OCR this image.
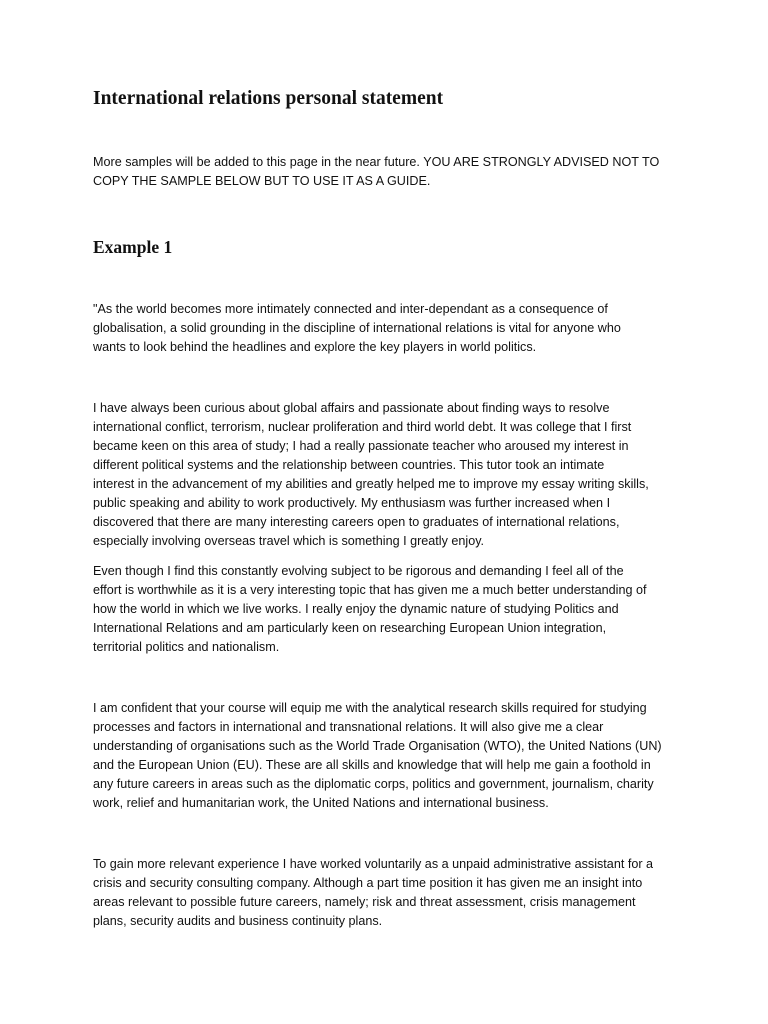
International relations personal statement

More samples will be added to this page in the near future. YOU ARE STRONGLY ADVISED NOT TO
COPY THE SAMPLE BELOW BUT TO USE IT AS A GUIDE.

Example 1

"As the world becomes more intimately connected and inter-dependant as a consequence of
globalisation, a solid grounding in the discipline of international relations is vital for anyone who
wants to look behind the headlines and explore the key players in world politics.

I have always been curious about global affairs and passionate about finding ways to resolve
international conflict, terrorism, nuclear proliferation and third world debt. It was college that I first
became keen on this area of study; I had a really passionate teacher who aroused my interest in
different political systems and the relationship between countries. This tutor took an intimate
interest in the advancement of my abilities and greatly helped me to improve my essay writing skills,
public speaking and ability to work productively. My enthusiasm was further increased when I
discovered that there are many interesting careers open to graduates of international relations,
especially involving overseas travel which is something I greatly enjoy.

Even though I find this constantly evolving subject to be rigorous and demanding I feel all of the
effort is worthwhile as it is a very interesting topic that has given me a much better understanding of
how the world in which we live works. I really enjoy the dynamic nature of studying Politics and
International Relations and am particularly keen on researching European Union integration,
territorial politics and nationalism.

I am confident that your course will equip me with the analytical research skills required for studying
processes and factors in international and transnational relations. It will also give me a clear
understanding of organisations such as the World Trade Organisation (WTO), the United Nations (UN)
and the European Union (EU). These are all skills and knowledge that will help me gain a foothold in
any future careers in areas such as the diplomatic corps, politics and government, journalism, charity
work, relief and humanitarian work, the United Nations and international business.

To gain more relevant experience I have worked voluntarily as a unpaid administrative assistant for a
crisis and security consulting company. Although a part time position it has given me an insight into
areas relevant to possible future careers, namely; risk and threat assessment, crisis management
plans, security audits and business continuity plans.
